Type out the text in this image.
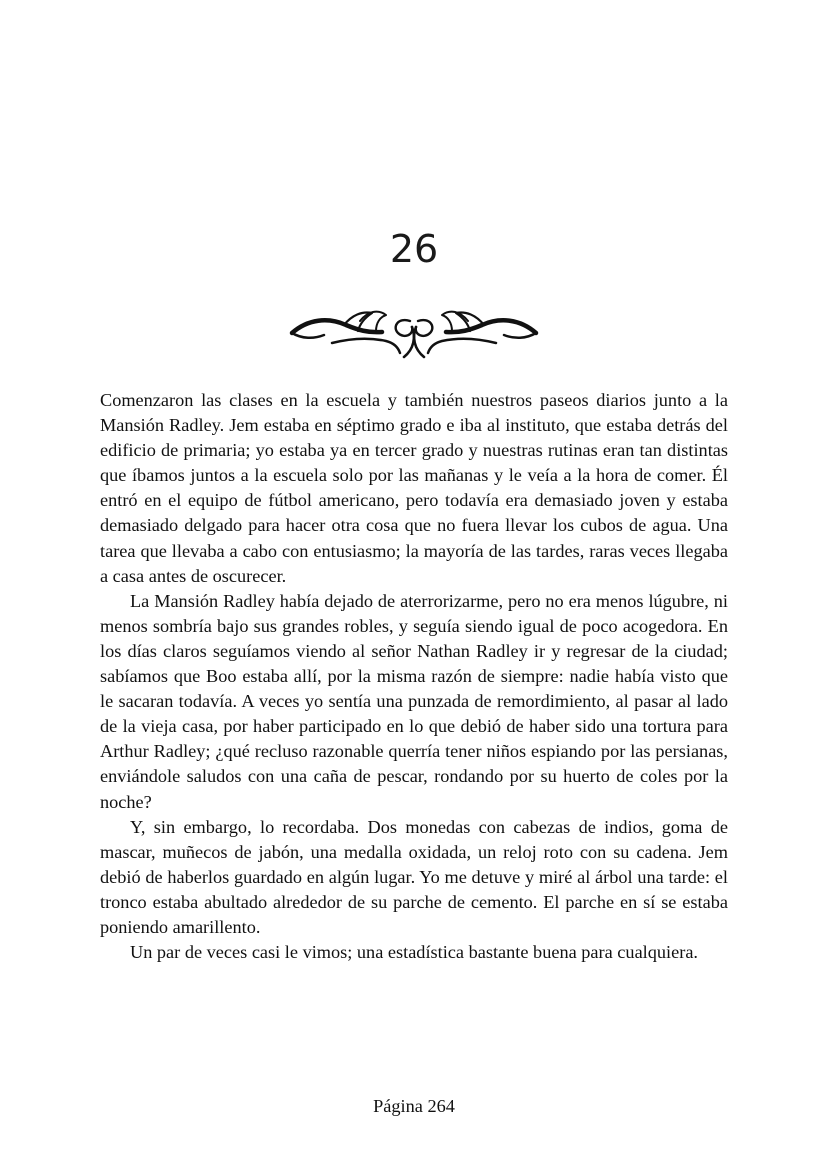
26

Comenzaron las clases en la escuela y también nuestros paseos diarios junto a la Mansión Radley. Jem estaba en séptimo grado e iba al instituto, que estaba detrás del edificio de primaria; yo estaba ya en tercer grado y nuestras rutinas eran tan distintas que íbamos juntos a la escuela solo por las mañanas y le veía a la hora de comer. Él entró en el equipo de fútbol americano, pero todavía era demasiado joven y estaba demasiado delgado para hacer otra cosa que no fuera llevar los cubos de agua. Una tarea que llevaba a cabo con entusiasmo; la mayoría de las tardes, raras veces llegaba a casa antes de oscurecer.

La Mansión Radley había dejado de aterrorizarme, pero no era menos lúgubre, ni menos sombría bajo sus grandes robles, y seguía siendo igual de poco acogedora. En los días claros seguíamos viendo al señor Nathan Radley ir y regresar de la ciudad; sabíamos que Boo estaba allí, por la misma razón de siempre: nadie había visto que le sacaran todavía. A veces yo sentía una punzada de remordimiento, al pasar al lado de la vieja casa, por haber participado en lo que debió de haber sido una tortura para Arthur Radley; ¿qué recluso razonable querría tener niños espiando por las persianas, enviándole saludos con una caña de pescar, rondando por su huerto de coles por la noche?

Y, sin embargo, lo recordaba. Dos monedas con cabezas de indios, goma de mascar, muñecos de jabón, una medalla oxidada, un reloj roto con su cadena. Jem debió de haberlos guardado en algún lugar. Yo me detuve y miré al árbol una tarde: el tronco estaba abultado alrededor de su parche de cemento. El parche en sí se estaba poniendo amarillento.

Un par de veces casi le vimos; una estadística bastante buena para cualquiera.

Página 264
